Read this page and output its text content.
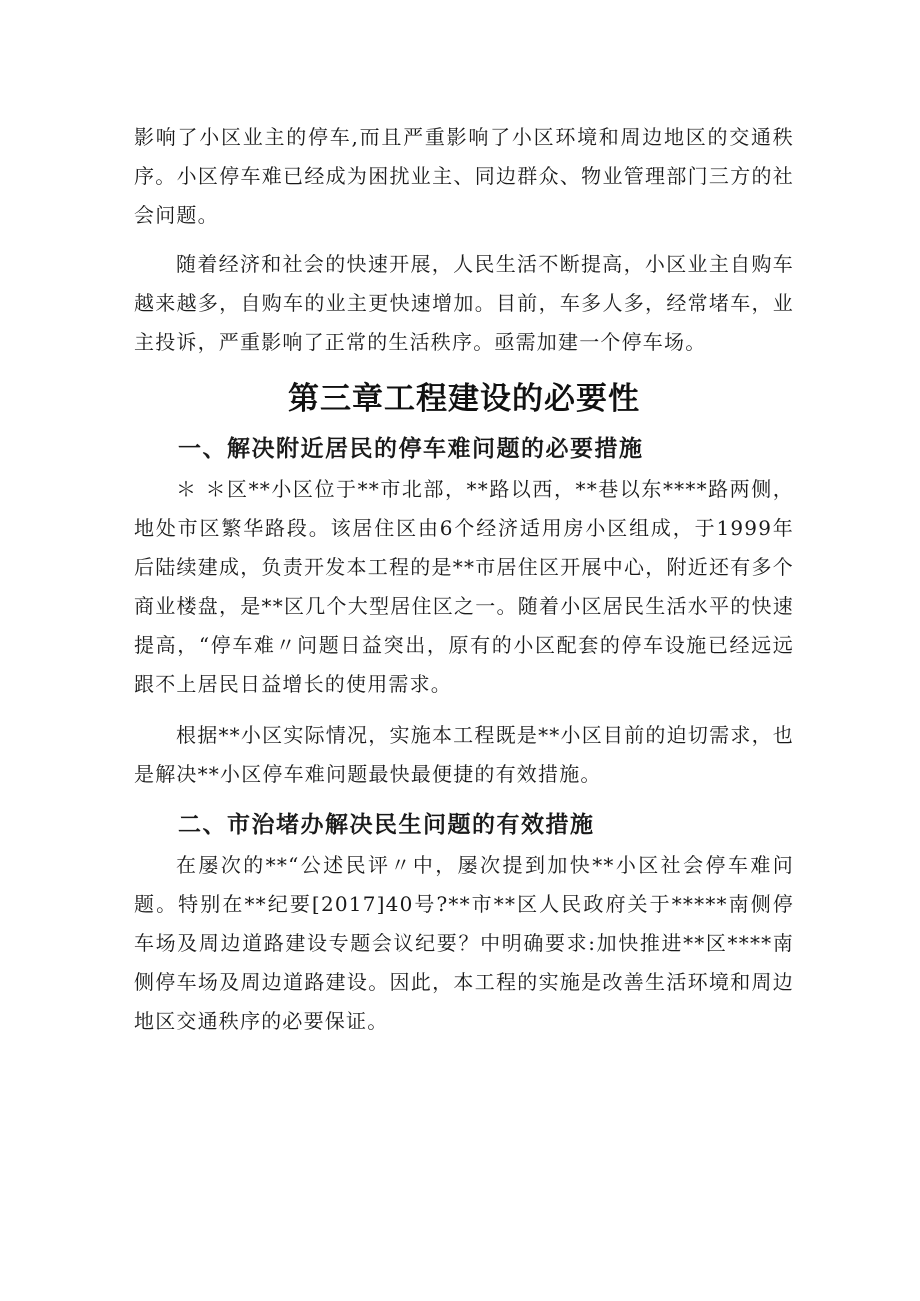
影响了小区业主的停车,而且严重影响了小区环境和周边地区的交通秩序。小区停车难已经成为困扰业主、同边群众、物业管理部门三方的社会问题。

随着经济和社会的快速开展，人民生活不断提高，小区业主自购车越来越多，自购车的业主更快速增加。目前，车多人多，经常堵车，业主投诉，严重影响了正常的生活秩序。亟需加建一个停车场。

第三章工程建设的必要性
一、解决附近居民的停车难问题的必要措施

＊ ＊区**小区位于**市北部，**路以西，**巷以东****路两侧，地处市区繁华路段。该居住区由6个经济适用房小区组成，于1999年后陆续建成，负责开发本工程的是**市居住区开展中心，附近还有多个商业楼盘，是**区几个大型居住区之一。随着小区居民生活水平的快速提高，“停车难〃问题日益突出，原有的小区配套的停车设施已经远远跟不上居民日益增长的使用需求。

根据**小区实际情况，实施本工程既是**小区目前的迫切需求，也是解决**小区停车难问题最快最便捷的有效措施。

二、市治堵办解决民生问题的有效措施

在屡次的**“公述民评〃中，屡次提到加快**小区社会停车难问题。特别在**纪要[2017]40号?**市**区人民政府关于*****南侧停车场及周边道路建设专题会议纪要？中明确要求:加快推进**区****南侧停车场及周边道路建设。因此，本工程的实施是改善生活环境和周边地区交通秩序的必要保证。
